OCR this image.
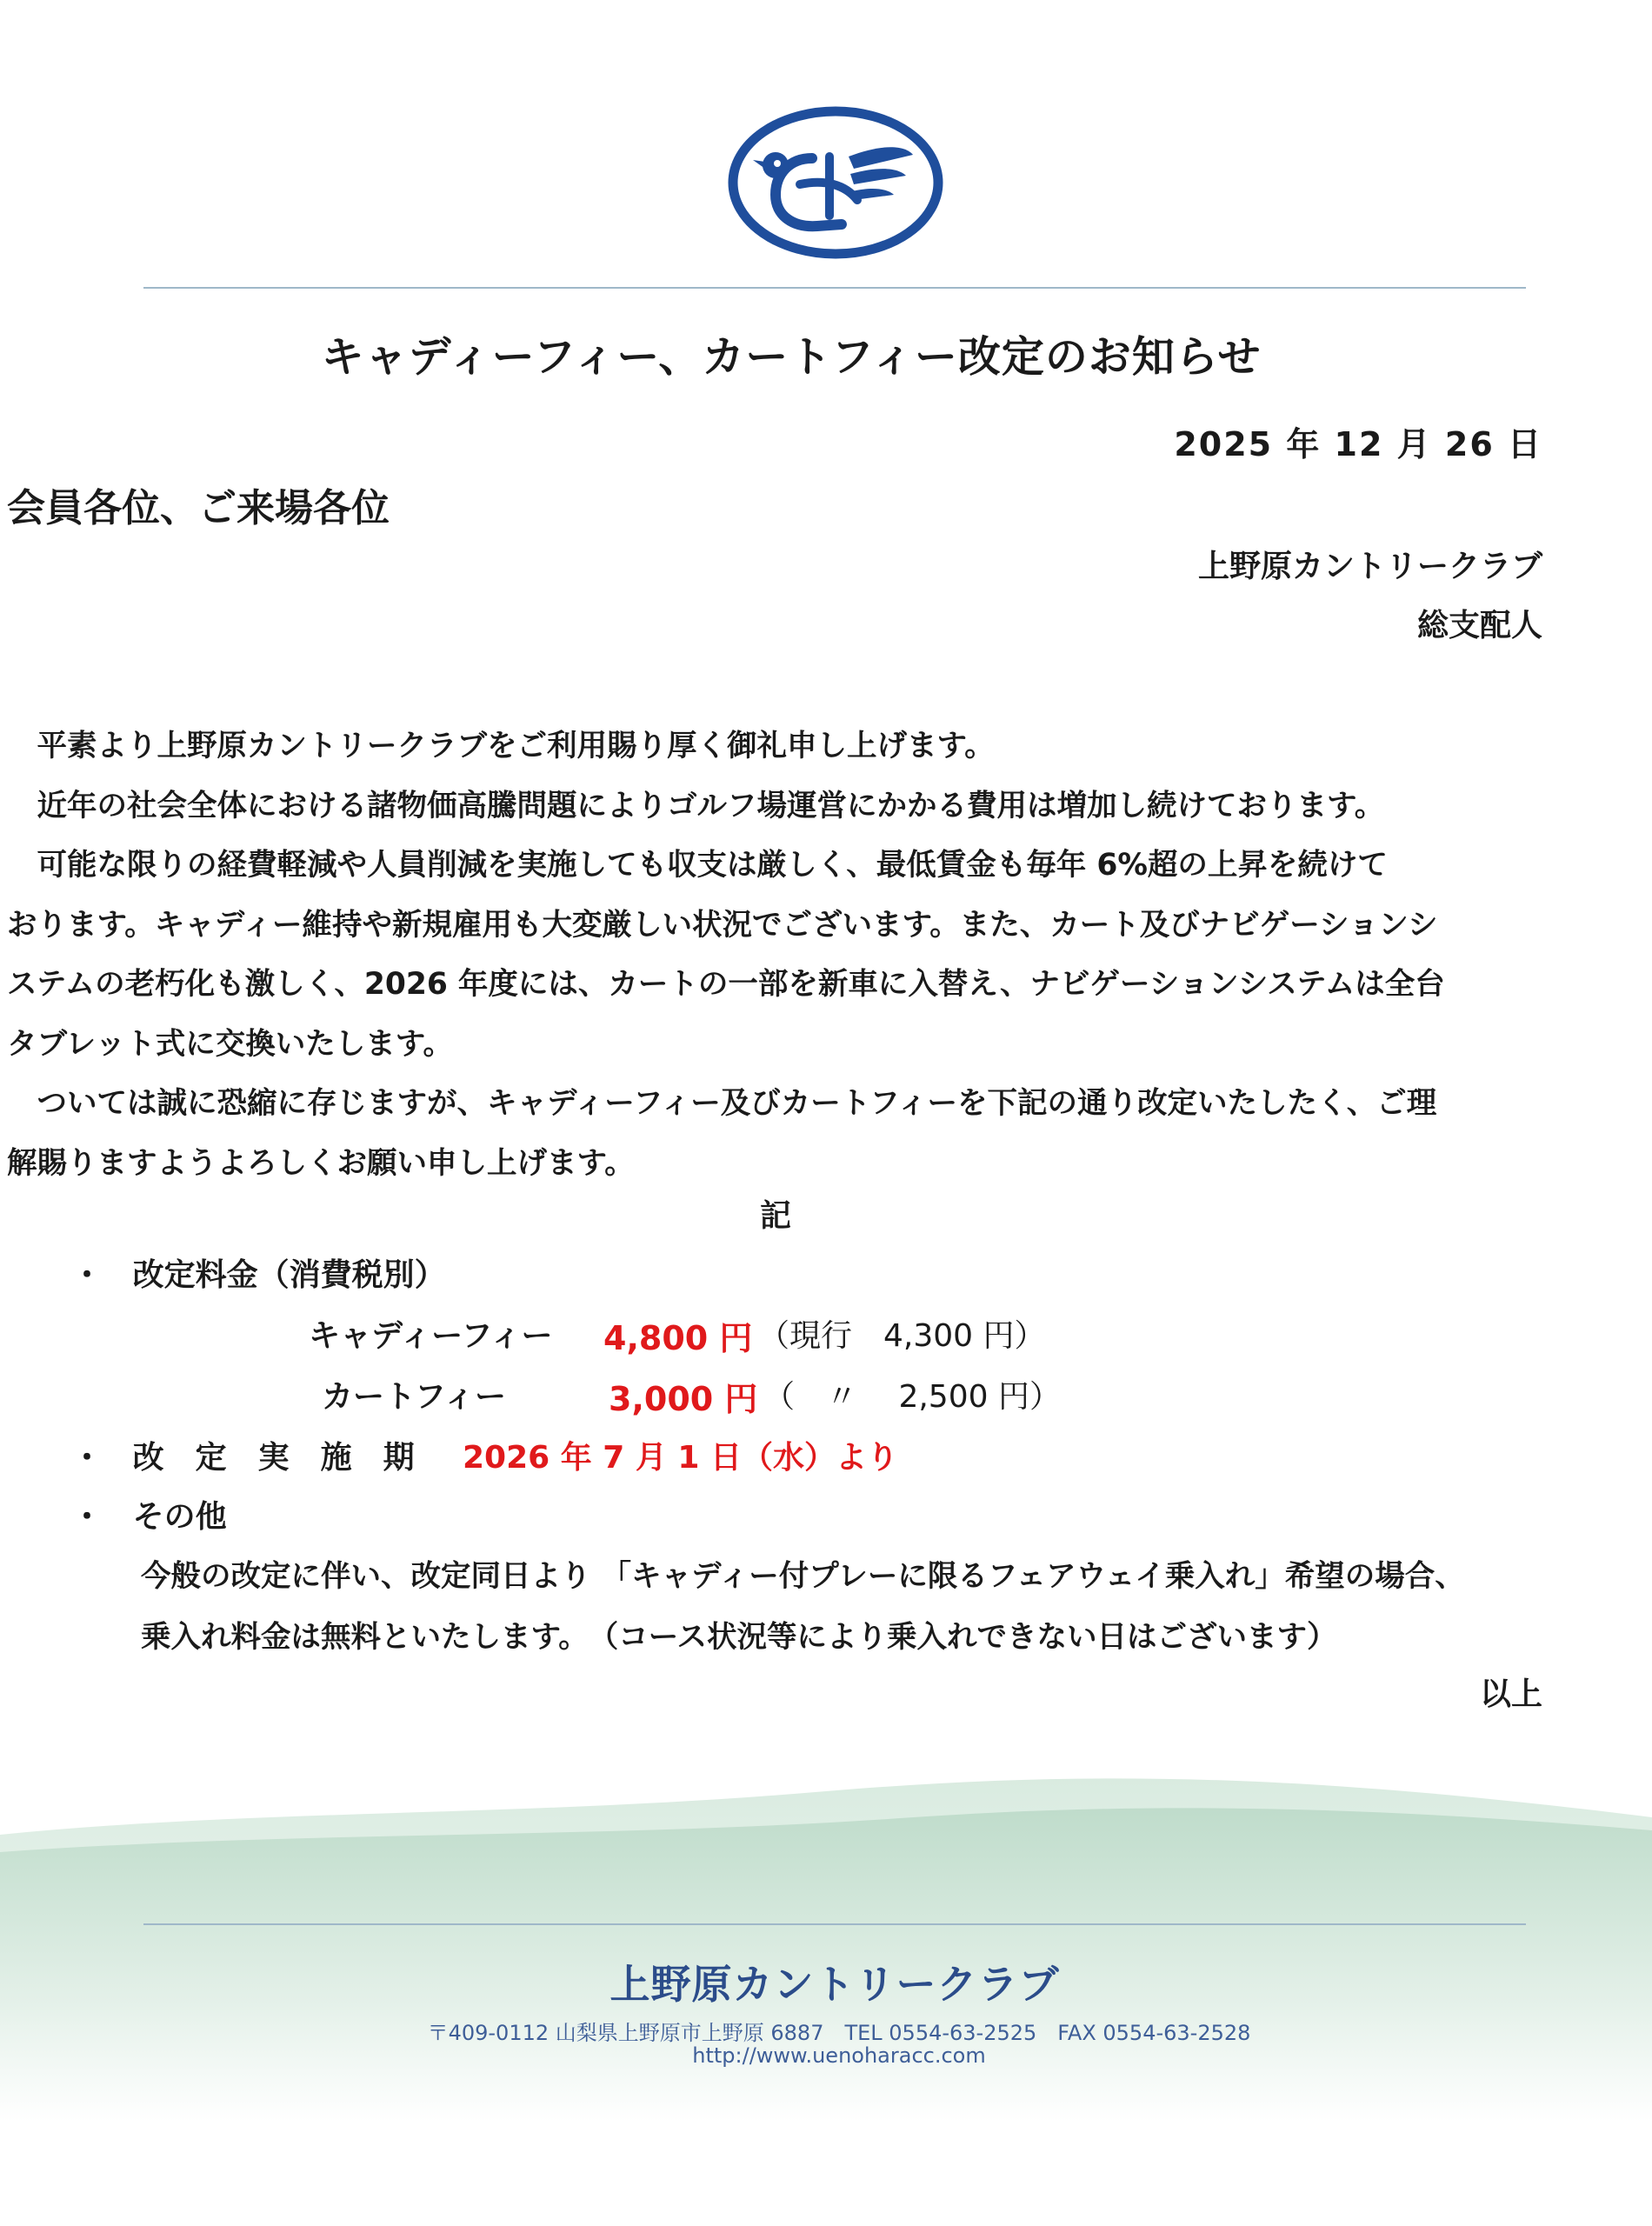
キャディーフィー、カートフィー改定のお知らせ
2025 年 12 月 26 日
会員各位、ご来場各位
上野原カントリークラブ
総支配人

　平素より上野原カントリークラブをご利用賜り厚く御礼申し上げます。

　近年の社会全体における諸物価高騰問題によりゴルフ場運営にかかる費用は増加し続けております。

　可能な限りの経費軽減や人員削減を実施しても収支は厳しく、最低賃金も毎年 6%超の上昇を続けて

おります。キャディー維持や新規雇用も大変厳しい状況でございます。また、カート及びナビゲーションシ

ステムの老朽化も激しく、2026 年度には、カートの一部を新車に入替え、ナビゲーションシステムは全台

タブレット式に交換いたします。

　ついては誠に恐縮に存じますが、キャディーフィー及びカートフィーを下記の通り改定いたしたく、ご理

解賜りますようよろしくお願い申し上げます。

記
・ 改定料金（消費税別）
キャディーフィー 4,800 円 （現行　4,300 円）
カートフィー	3,000 円 （　〃　 2,500 円）
・ 改　定　実　施　期 2026 年 7 月 1 日（水）より
・ その他
今般の改定に伴い、改定同日より 「キャディー付プレーに限るフェアウェイ乗入れ」希望の場合、
乗入れ料金は無料といたします。　（コース状況等により乗入れできない日はございます）
以上
上野原カントリークラブ
〒409-0112 山梨県上野原市上野原 6887　TEL 0554-63-2525　FAX 0554-63-2528
http://www.uenoharacc.com
